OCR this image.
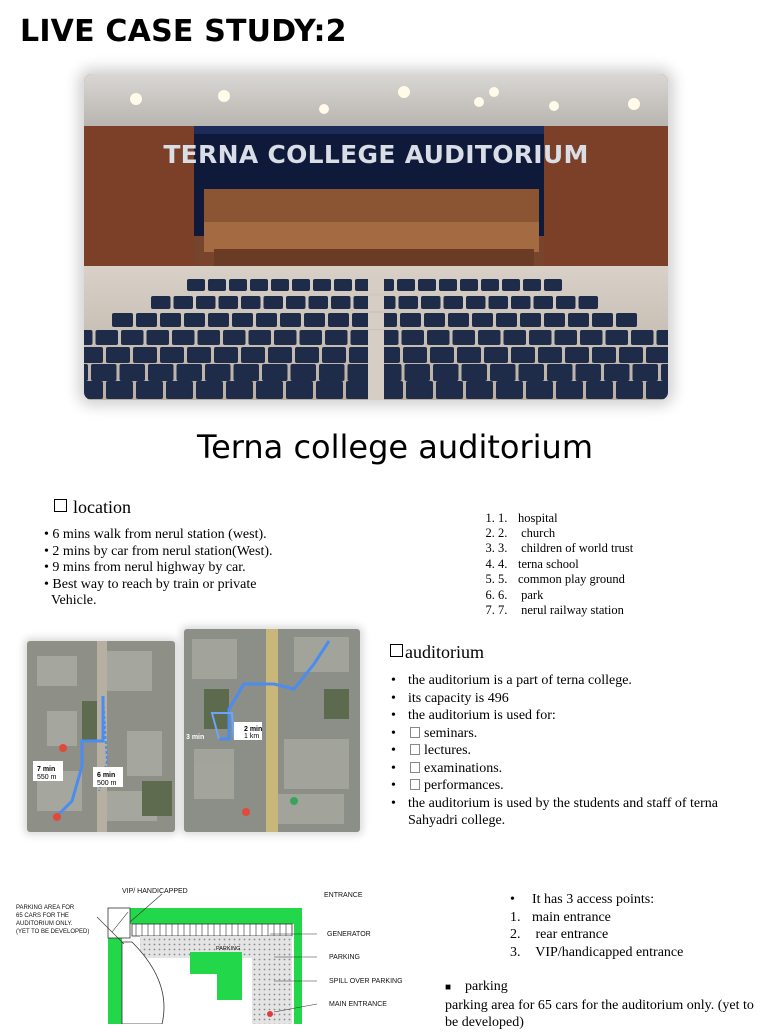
LIVE CASE STUDY:2
TERNA COLLEGE AUDITORIUM
Terna college auditorium
location
• 6 mins walk from nerul station (west).
• 2 mins by car from nerul station(West).
• 9 mins from nerul highway by car.
• Best way to reach by train or private Vehicle.
1. 1. hospital
2. 2. church
3. 3. children of world trust
4. 4. terna school
5. 5. common play ground
6. 6. park
7. 7. nerul railway station
7 min
550 m	6 min
500 m
2 min
1 km
3 min
auditorium
• the auditorium is a part of terna college.
• its capacity is 496
• the auditorium is used for:
• seminars.
• lectures.
• examinations.
• performances.
• the auditorium is used by the students and staff of terna Sahyadri college.
VIP/ HANDICAPPED
PARKING AREA FOR 65 CARS FOR THE AUDITORIUM ONLY. (YET TO BE DEVELOPED)
ENTRANCE
GENERATOR
PARKING
PARKING
SPILL OVER PARKING
MAIN ENTRANCE
• It has 3 access points:
1. main entrance
2. rear entrance
3. VIP/handicapped entrance
■ parking
parking area for 65 cars for the auditorium only. (yet to be developed)
